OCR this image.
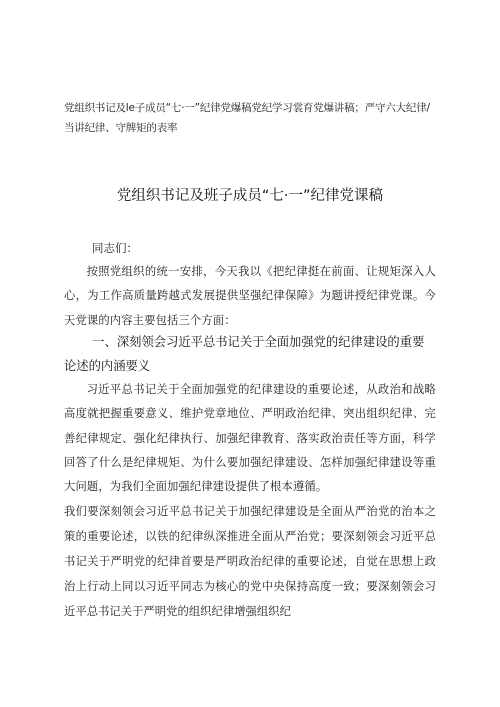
党组织书记及le子成员“七·一”纪律党爆稿党纪学习裳育党爆讲稿；严守六大纪律/当讲纪律、守牌矩的表率
党组织书记及班子成员“七·一”纪律党课稿
同志们：
按照党组织的统一安排，今天我以《把纪律挺在前面、让规矩深入人心，为工作高质量跨越式发展提供坚强纪律保障》为题讲授纪律党课。今天党课的内容主要包括三个方面：
一、深刻领会习近平总书记关于全面加强党的纪律建设的重要论述的内涵要义
习近平总书记关于全面加强党的纪律建设的重要论述，从政治和战略高度就把握重要意义、维护党章地位、严明政治纪律、突出组织纪律、完善纪律规定、强化纪律执行、加强纪律教育、落实政治责任等方面，科学回答了什么是纪律规矩、为什么要加强纪律建设、怎样加强纪律建设等重大问题，为我们全面加强纪律建设提供了根本遵循。
我们要深刻领会习近平总书记关于加强纪律建设是全面从严治党的治本之策的重要论述，以铁的纪律纵深推进全面从严治党；要深刻领会习近平总书记关于严明党的纪律首要是严明政治纪律的重要论述，自觉在思想上政治上行动上同以习近平同志为核心的党中央保持高度一致；要深刻领会习近平总书记关于严明党的组织纪律增强组织纪
